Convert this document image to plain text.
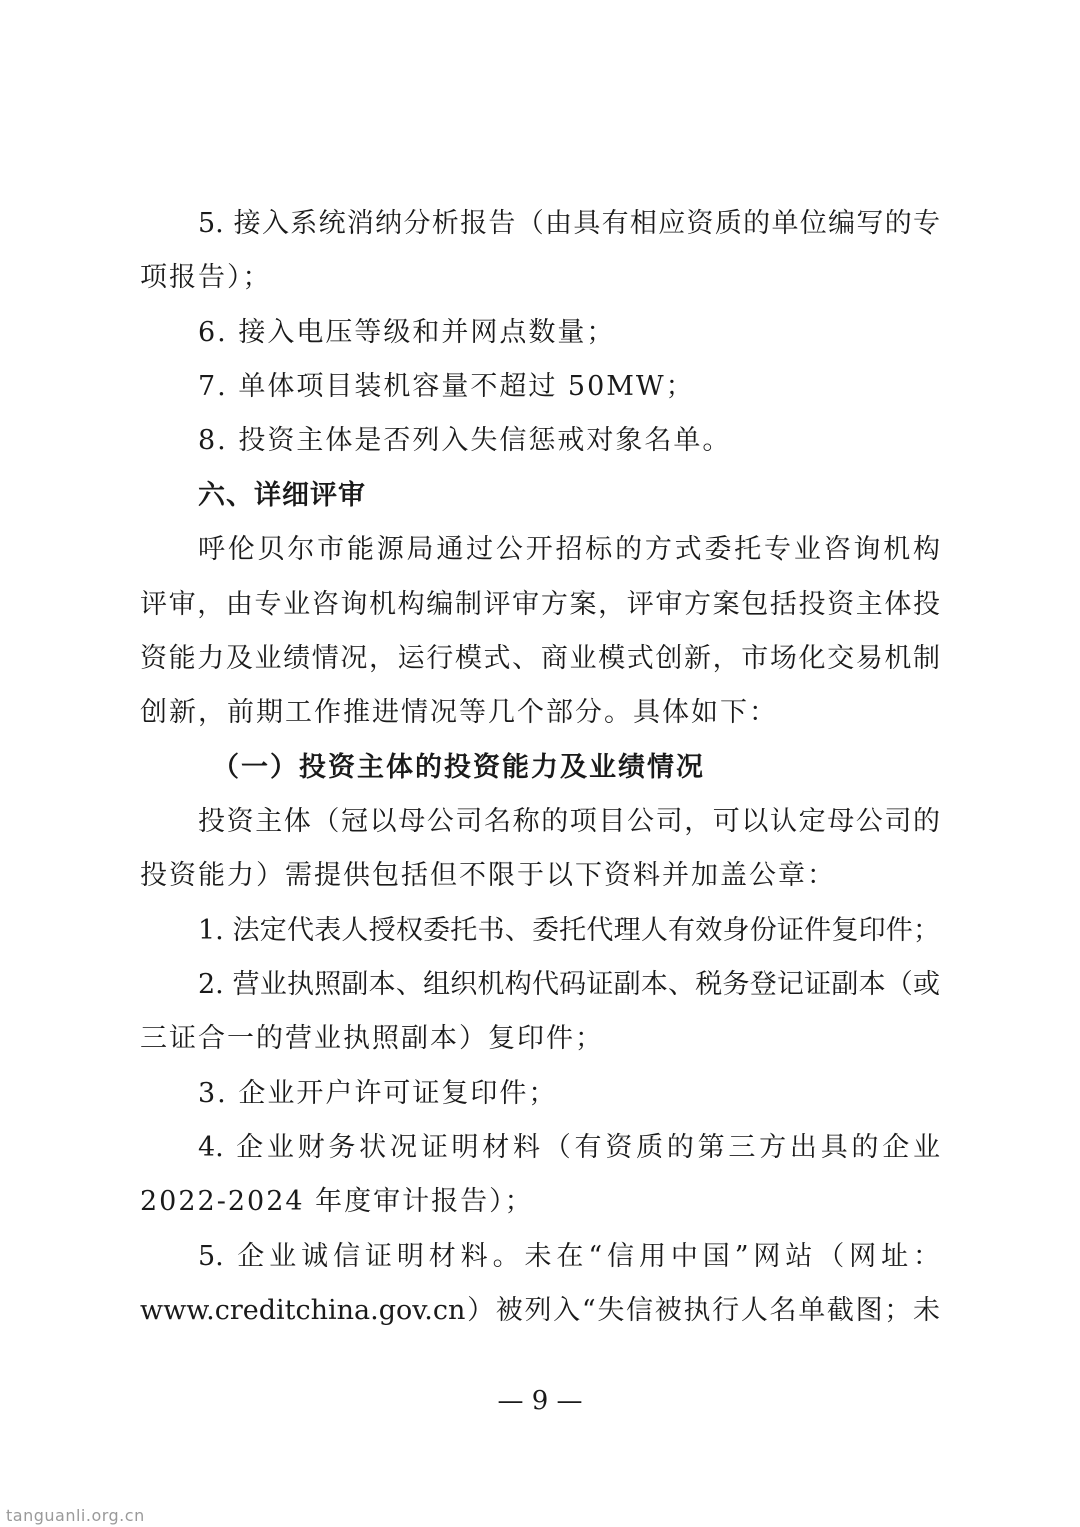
5. 接入系统消纳分析报告（由具有相应资质的单位编写的专
项报告）；
6. 接入电压等级和并网点数量；
7. 单体项目装机容量不超过 50MW；
8. 投资主体是否列入失信惩戒对象名单。
六、详细评审
呼伦贝尔市能源局通过公开招标的方式委托专业咨询机构
评审，由专业咨询机构编制评审方案，评审方案包括投资主体投
资能力及业绩情况，运行模式、商业模式创新，市场化交易机制
创新，前期工作推进情况等几个部分。具体如下：
（一）投资主体的投资能力及业绩情况
投资主体（冠以母公司名称的项目公司，可以认定母公司的
投资能力）需提供包括但不限于以下资料并加盖公章：
1. 法定代表人授权委托书、委托代理人有效身份证件复印件；
2. 营业执照副本、组织机构代码证副本、税务登记证副本（或
三证合一的营业执照副本）复印件；
3. 企业开户许可证复印件；
4. 企业财务状况证明材料（有资质的第三方出具的企业
2022-2024 年度审计报告）；
5. 企业诚信证明材料。未在“信用中国”网站（网址：
www.creditchina.gov.cn）被列入“失信被执行人名单截图；未
— 9 —
tanguanli.org.cn
